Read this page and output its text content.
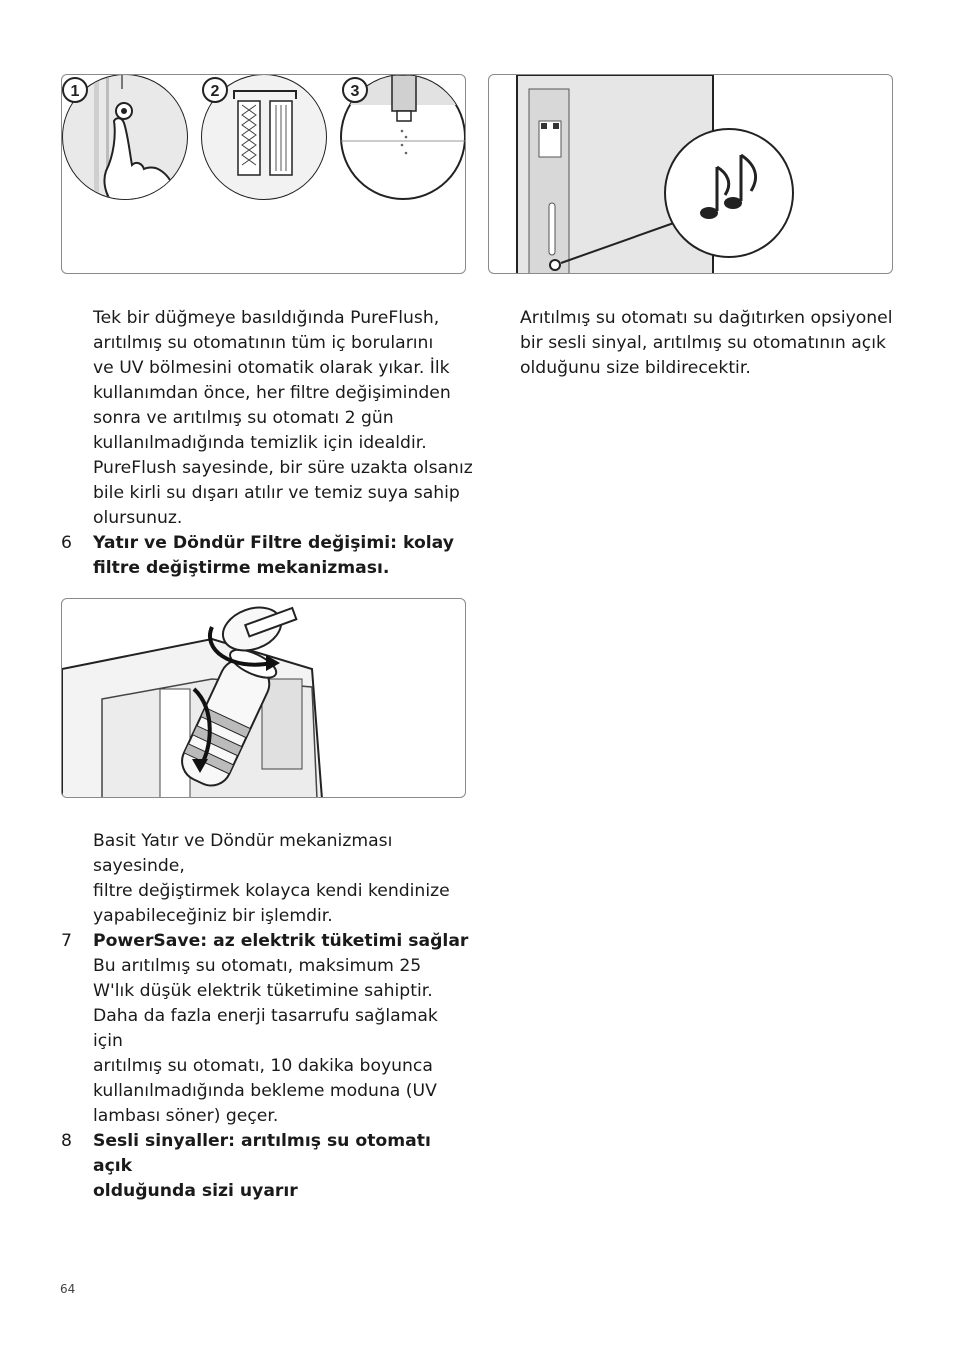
1	2	3

Tek bir düğmeye basıldığında PureFlush,
arıtılmış su otomatının tüm iç borularını
ve UV bölmesini otomatik olarak yıkar. İlk
kullanımdan önce, her filtre değişiminden
sonra ve arıtılmış su otomatı 2 gün
kullanılmadığında temizlik için idealdir.
PureFlush sayesinde, bir süre uzakta olsanız
bile kirli su dışarı atılır ve temiz suya sahip
olursunuz.

6 Yatır ve Döndür Filtre değişimi: kolay
filtre değiştirme mekanizması.

Basit Yatır ve Döndür mekanizması sayesinde,
filtre değiştirmek kolayca kendi kendinize
yapabileceğiniz bir işlemdir.

7 PowerSave: az elektrik tüketimi sağlar
Bu arıtılmış su otomatı, maksimum 25
W'lık düşük elektrik tüketimine sahiptir.
Daha da fazla enerji tasarrufu sağlamak için
arıtılmış su otomatı, 10 dakika boyunca
kullanılmadığında bekleme moduna (UV
lambası söner) geçer.
8 Sesli sinyaller: arıtılmış su otomatı açık
olduğunda sizi uyarır

Arıtılmış su otomatı su dağıtırken opsiyonel
bir sesli sinyal, arıtılmış su otomatının açık
olduğunu size bildirecektir.

64
